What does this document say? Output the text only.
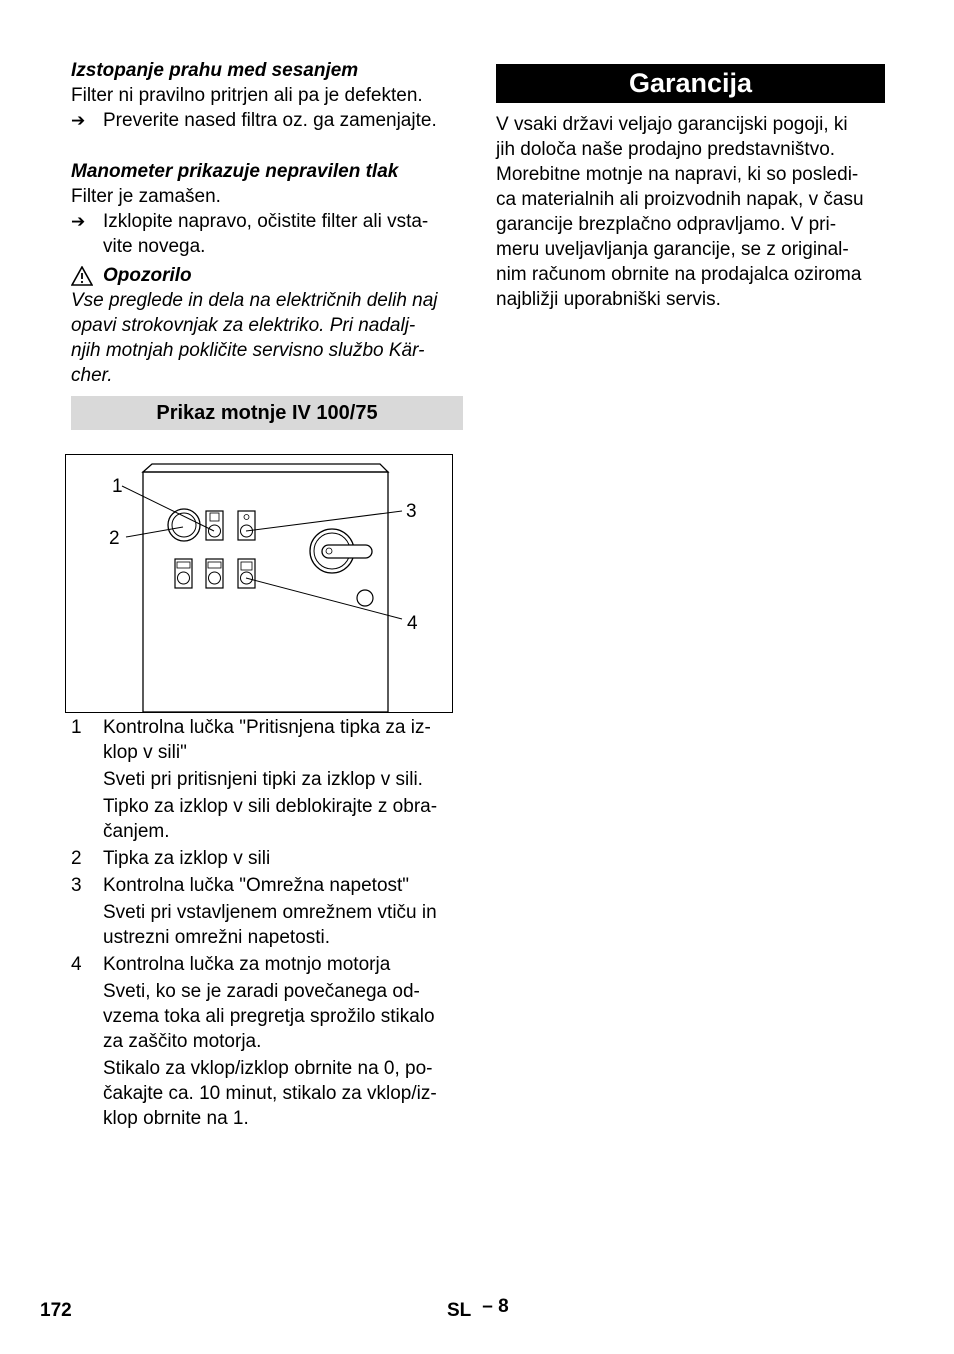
Izstopanje prahu med sesanjem

Filter ni pravilno pritrjen ali pa je defekten.

➔ Preverite nased filtra oz. ga zamenjajte.

Manometer prikazuje nepravilen tlak

Filter je zamašen.

➔ Izklopite napravo, očistite filter ali vsta-
vite novega.
Opozorilo

Vse preglede in dela na električnih delih naj
opavi strokovnjak za elektriko. Pri nadalj-
njih motnjah pokličite servisno službo Kär-
cher.

Prikaz motnje IV 100/75
1
2
3
4
1	Kontrolna lučka "Pritisnjena tipka za iz-
klop v sili"

Sveti pri pritisnjeni tipki za izklop v sili.

Tipko za izklop v sili deblokirajte z obra-
čanjem.

2	Tipka za izklop v sili
3	Kontrolna lučka "Omrežna napetost"

Sveti pri vstavljenem omrežnem vtiču in
ustrezni omrežni napetosti.

4	Kontrolna lučka za motnjo motorja

Sveti, ko se je zaradi povečanega od-
vzema toka ali pregretja sprožilo stikalo
za zaščito motorja.

Stikalo za vklop/izklop obrnite na 0, po-
čakajte ca. 10 minut, stikalo za vklop/iz-
klop obrnite na 1.

Garancija

V vsaki državi veljajo garancijski pogoji, ki
jih določa naše prodajno predstavništvo.
Morebitne motnje na napravi, ki so posledi-
ca materialnih ali proizvodnih napak, v času
garancije brezplačno odpravljamo. V pri-
meru uveljavljanja garancije, se z original-
nim računom obrnite na prodajalca oziroma
najbližji uporabniški servis.

172	SL – 8
